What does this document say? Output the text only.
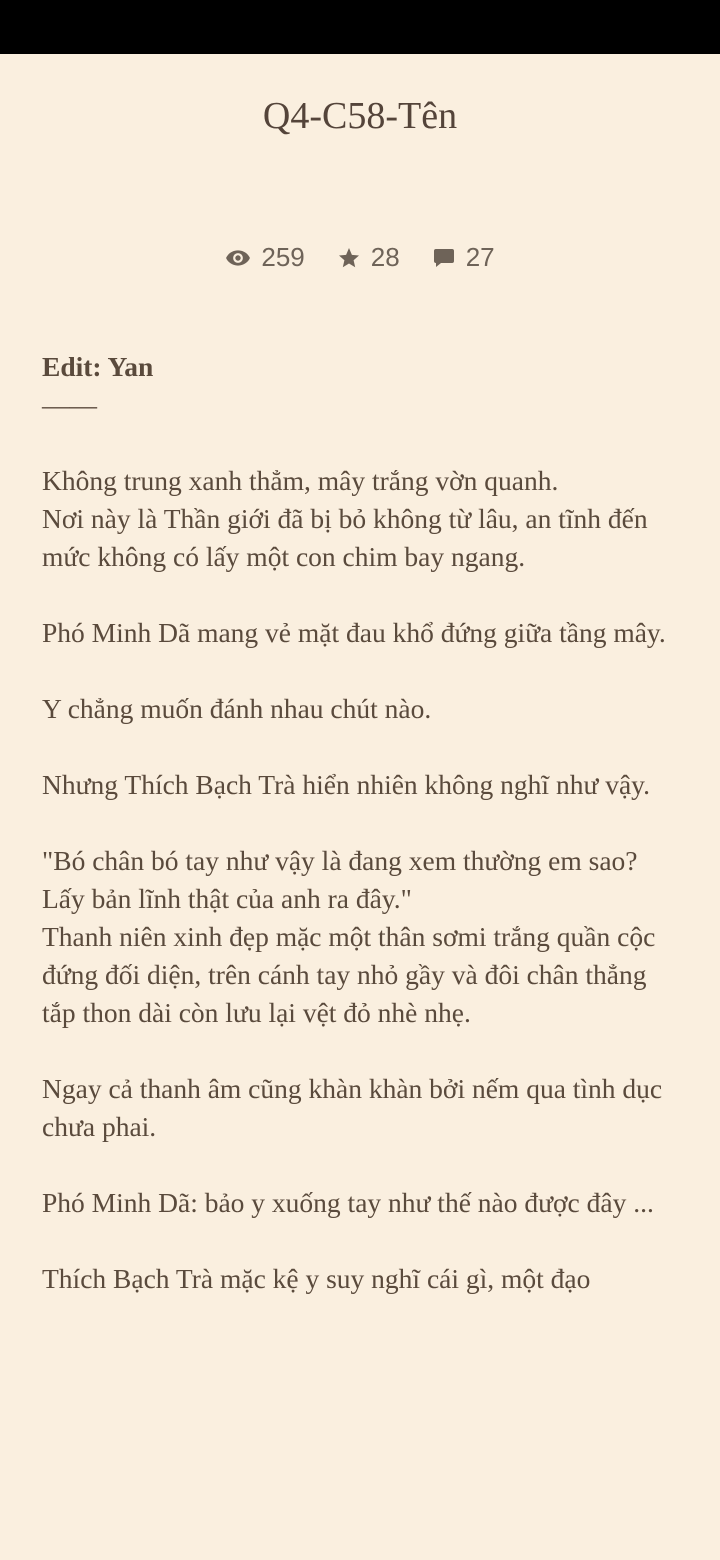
Q4-C58-Tên
259	28	27

Edit: Yan

——

Không trung xanh thẳm, mây trắng vờn quanh.
Nơi này là Thần giới đã bị bỏ không từ lâu, an tĩnh đến mức không có lấy một con chim bay ngang.

Phó Minh Dã mang vẻ mặt đau khổ đứng giữa tầng mây.

Y chẳng muốn đánh nhau chút nào.

Nhưng Thích Bạch Trà hiển nhiên không nghĩ như vậy.

"Bó chân bó tay như vậy là đang xem thường em sao? Lấy bản lĩnh thật của anh ra đây."
Thanh niên xinh đẹp mặc một thân sơmi trắng quần cộc đứng đối diện, trên cánh tay nhỏ gầy và đôi chân thẳng tắp thon dài còn lưu lại vệt đỏ nhè nhẹ.

Ngay cả thanh âm cũng khàn khàn bởi nếm qua tình dục chưa phai.

Phó Minh Dã: bảo y xuống tay như thế nào được đây ...

Thích Bạch Trà mặc kệ y suy nghĩ cái gì, một đạo
